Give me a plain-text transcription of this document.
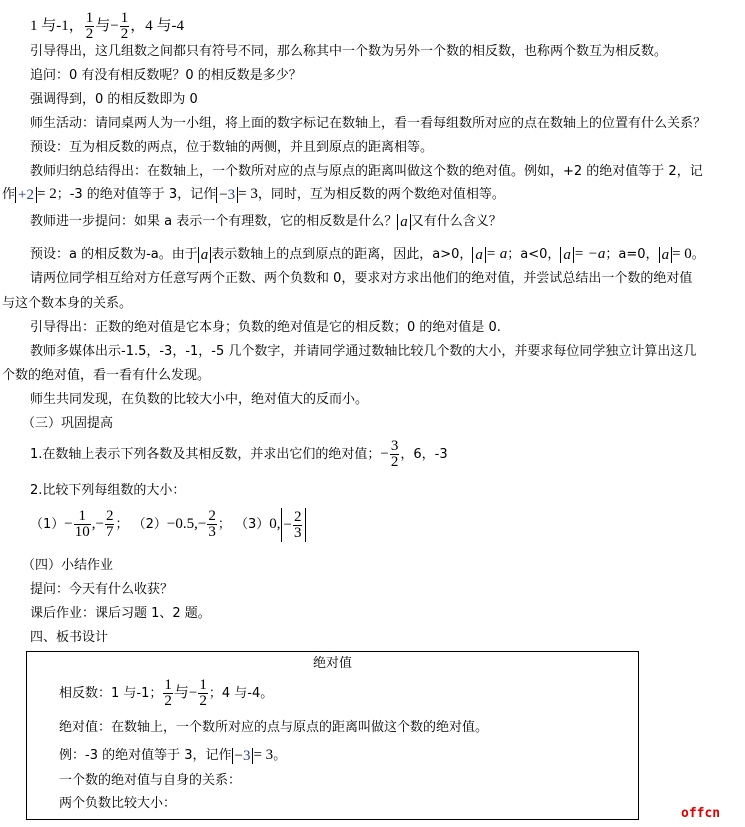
1 与-1， $\frac{1}{2}$ 与− $\frac{1}{2}$ ，4 与-4
引导得出，这几组数之间都只有符号不同，那么称其中一个数为另外一个数的相反数，也称两个数互为相反数。
追问：0 有没有相反数呢？0 的相反数是多少？
强调得到，0 的相反数即为 0
师生活动：请同桌两人为一小组，将上面的数字标记在数轴上，看一看每组数所对应的点在数轴上的位置有什么关系？
预设：互为相反数的两点，位于数轴的两侧，并且到原点的距离相等。
教师归纳总结得出：在数轴上，一个数所对应的点与原点的距离叫做这个数的绝对值。例如，+2 的绝对值等于 2，记
作 +2 = 2；-3 的绝对值等于 3，记作 −3 = 3，同时，互为相反数的两个数绝对值相等。
教师进一步提问：如果 a 表示一个有理数，它的相反数是什么？ a 又有什么含义？
预设：a 的相反数为-a。由于 a 表示数轴上的点到原点的距离，因此，a>0， a = a；a<0， a = −a；a=0， a = 0。
请两位同学相互给对方任意写两个正数、两个负数和 0，要求对方求出他们的绝对值，并尝试总结出一个数的绝对值
与这个数本身的关系。
引导得出：正数的绝对值是它本身；负数的绝对值是它的相反数；0 的绝对值是 0.
教师多媒体出示-1.5，-3，-1，-5 几个数字，并请同学通过数轴比较几个数的大小，并要求每位同学独立计算出这几
个数的绝对值，看一看有什么发现。
师生共同发现，在负数的比较大小中，绝对值大的反而小。
（三）巩固提高
1.在数轴上表示下列各数及其相反数，并求出它们的绝对值；− $\frac{3}{2}$ ，6，-3
2.比较下列每组数的大小：
$(1)- \frac{1}{10}$ ,− $\frac{2}{7}$ ； $(2)-0.5,- \frac{2}{3}$ ； （3）0, − $\frac{2}{3}$
（四）小结作业
提问：今天有什么收获？
课后作业：课后习题 1、2 题。
四、板书设计
绝对值
相反数：1 与-1； $\frac{1}{2}$ 与− $\frac{1}{2}$ ；4 与-4。
绝对值：在数轴上，一个数所对应的点与原点的距离叫做这个数的绝对值。
例：-3 的绝对值等于 3，记作 −3 = 3。
一个数的绝对值与自身的关系：
两个负数比较大小：
offcn
